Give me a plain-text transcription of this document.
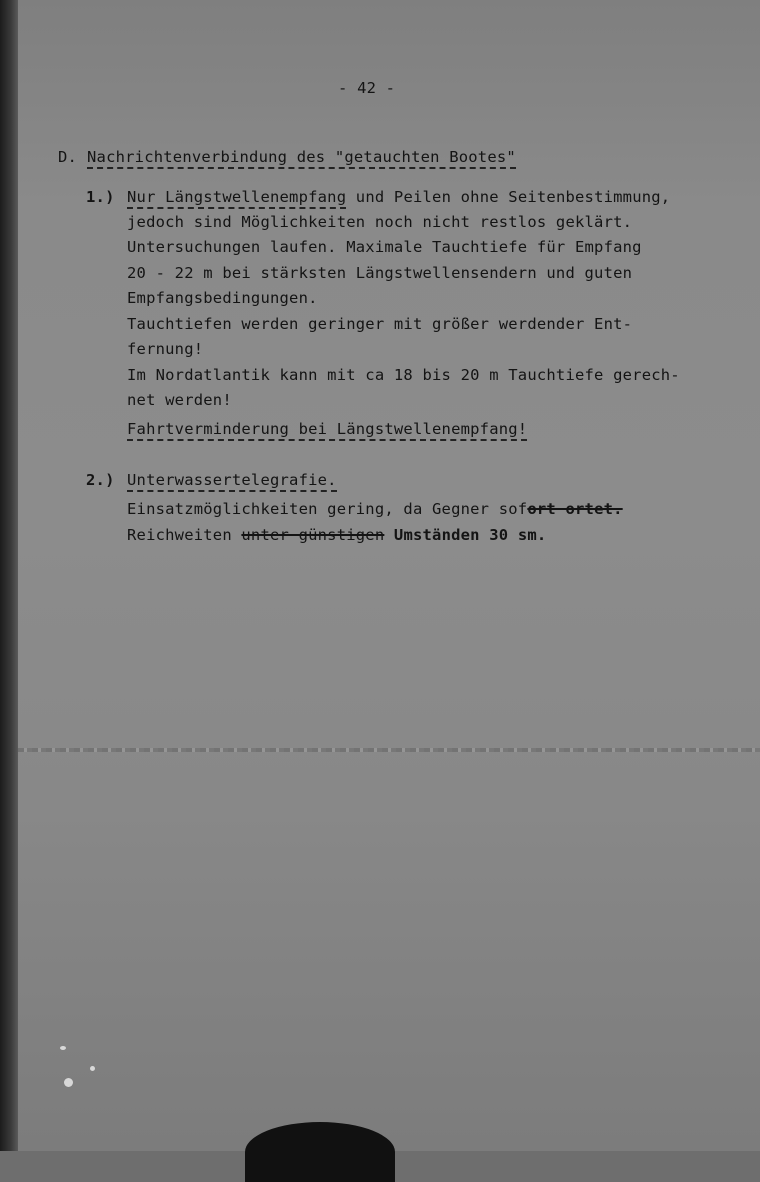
- 42 -
D. Nachrichtenverbindung des "getauchten Bootes"
1.) Nur Längstwellenempfang und Peilen ohne Seitenbestimmung,
jedoch sind Möglichkeiten noch nicht restlos geklärt.
Untersuchungen laufen. Maximale Tauchtiefe für Empfang
20 - 22 m bei stärksten Längstwellensendern und guten
Empfangsbedingungen.
Tauchtiefen werden geringer mit größer werdender Ent-
fernung!
Im Nordatlantik kann mit ca 18 bis 20 m Tauchtiefe gerech-
net werden!
Fahrtverminderung bei Längstwellenempfang!
2.) Unterwassertelegrafie.
Einsatzmöglichkeiten gering, da Gegner sofort ortet.
Reichweiten unter günstigen Umständen 30 sm.
